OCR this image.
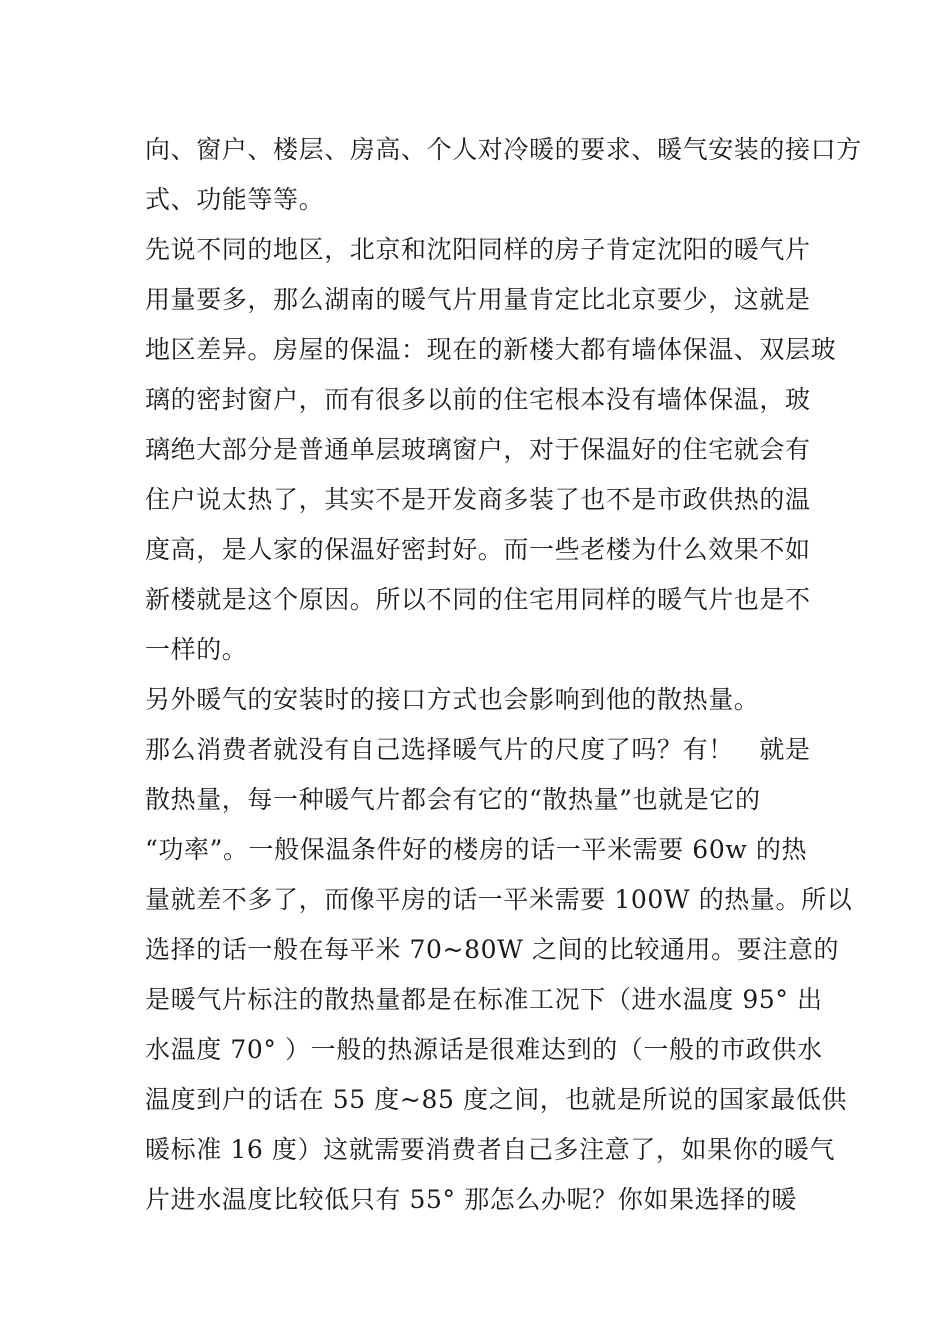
向、窗户、楼层、房高、个人对冷暖的要求、暖气安装的接口方
式、功能等等。
先说不同的地区，北京和沈阳同样的房子肯定沈阳的暖气片
用量要多，那么湖南的暖气片用量肯定比北京要少，这就是
地区差异。房屋的保温：现在的新楼大都有墙体保温、双层玻
璃的密封窗户，而有很多以前的住宅根本没有墙体保温，玻
璃绝大部分是普通单层玻璃窗户，对于保温好的住宅就会有
住户说太热了，其实不是开发商多装了也不是市政供热的温
度高，是人家的保温好密封好。而一些老楼为什么效果不如
新楼就是这个原因。所以不同的住宅用同样的暖气片也是不
一样的。
另外暖气的安装时的接口方式也会影响到他的散热量。
那么消费者就没有自己选择暖气片的尺度了吗？有！　就是
散热量，每一种暖气片都会有它的“散热量”也就是它的
“功率”。一般保温条件好的楼房的话一平米需要 60w 的热
量就差不多了，而像平房的话一平米需要 100W 的热量。所以
选择的话一般在每平米 70~80W 之间的比较通用。要注意的
是暖气片标注的散热量都是在标准工况下（进水温度 95° 出
水温度 70° ）一般的热源话是很难达到的（一般的市政供水
温度到户的话在 55 度~85 度之间，也就是所说的国家最低供
暖标准 16 度）这就需要消费者自己多注意了，如果你的暖气
片进水温度比较低只有 55° 那怎么办呢？你如果选择的暖
